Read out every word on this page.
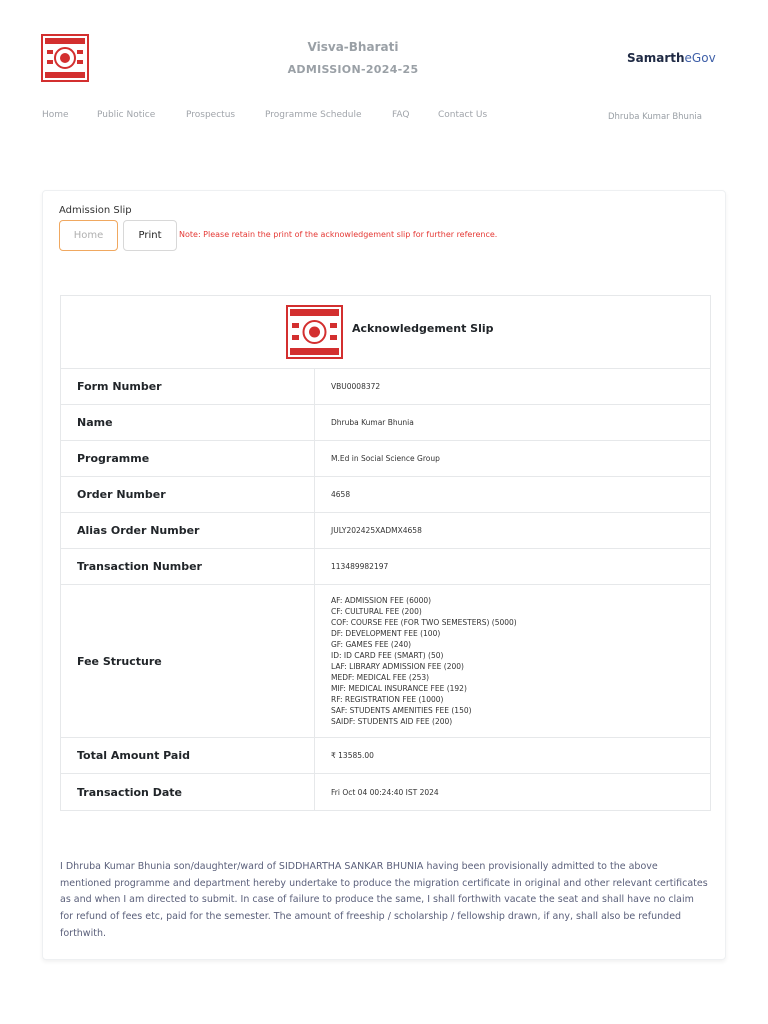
Visva-Bharati
ADMISSION-2024-25
SamartheGov
Home	Public Notice	Prospectus	Programme Schedule	FAQ	Contact Us	Dhruba Kumar Bhunia
Admission Slip
Home	Print	Note: Please retain the print of the acknowledgement slip for further reference.
Acknowledgement Slip
Form Number	VBU0008372
Name	Dhruba Kumar Bhunia
Programme	M.Ed in Social Science Group
Order Number	4658
Alias Order Number	JULY202425XADMX4658
Transaction Number	113489982197
Fee Structure
AF: ADMISSION FEE (6000)
CF: CULTURAL FEE (200)
COF: COURSE FEE (FOR TWO SEMESTERS) (5000)
DF: DEVELOPMENT FEE (100)
GF: GAMES FEE (240)
ID: ID CARD FEE (SMART) (50)
LAF: LIBRARY ADMISSION FEE (200)
MEDF: MEDICAL FEE (253)
MIF: MEDICAL INSURANCE FEE (192)
RF: REGISTRATION FEE (1000)
SAF: STUDENTS AMENITIES FEE (150)
SAIDF: STUDENTS AID FEE (200)
Total Amount Paid	₹ 13585.00
Transaction Date	Fri Oct 04 00:24:40 IST 2024

I Dhruba Kumar Bhunia son/daughter/ward of SIDDHARTHA SANKAR BHUNIA having been provisionally admitted to the above mentioned programme and department hereby undertake to produce the migration certificate in original and other relevant certificates as and when I am directed to submit. In case of failure to produce the same, I shall forthwith vacate the seat and shall have no claim for refund of fees etc, paid for the semester. The amount of freeship / scholarship / fellowship drawn, if any, shall also be refunded forthwith.
